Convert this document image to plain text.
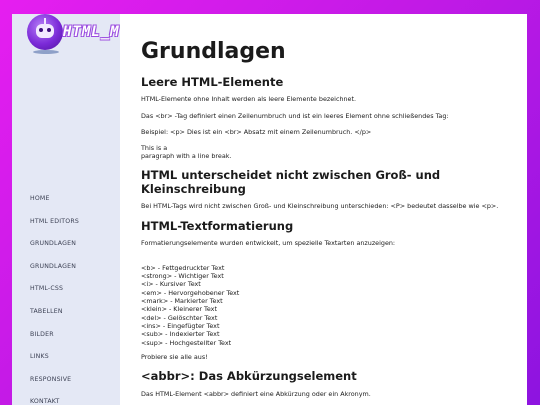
HTML_M
HOME
HTML EDITORS
GRUNDLAGEN
GRUNDLAGEN
HTML-CSS
TABELLEN
BILDER
LINKS
RESPONSIVE
KONTAKT
Grundlagen
Leere HTML-Elemente

HTML-Elemente ohne Inhalt werden als leere Elemente bezeichnet.

Das <br> -Tag definiert einen Zeilenumbruch und ist ein leeres Element ohne schließendes Tag:

Beispiel: <p> Dies ist ein <br> Absatz mit einem Zeilenumbruch. </p>

This is a
paragraph with a line break.
HTML unterscheidet nicht zwischen Groß- und Kleinschreibung

Bei HTML-Tags wird nicht zwischen Groß- und Kleinschreibung unterschieden: <P> bedeutet dasselbe wie <p>.

HTML-Textformatierung

Formatierungselemente wurden entwickelt, um spezielle Textarten anzuzeigen:

<b> - Fettgedruckter Text
<strong> - Wichtiger Text
<i> - Kursiver Text
<em> - Hervorgehobener Text
<mark> - Markierter Text
<klein> - Kleinerer Text
<del> - Gelöschter Text
<ins> - Eingefügter Text
<sub> - Indexierter Text
<sup> - Hochgestellter Text

Probiere sie alle aus!

<abbr>: Das Abkürzungselement

Das HTML-Element <abbr> definiert eine Abkürzung oder ein Akronym.
